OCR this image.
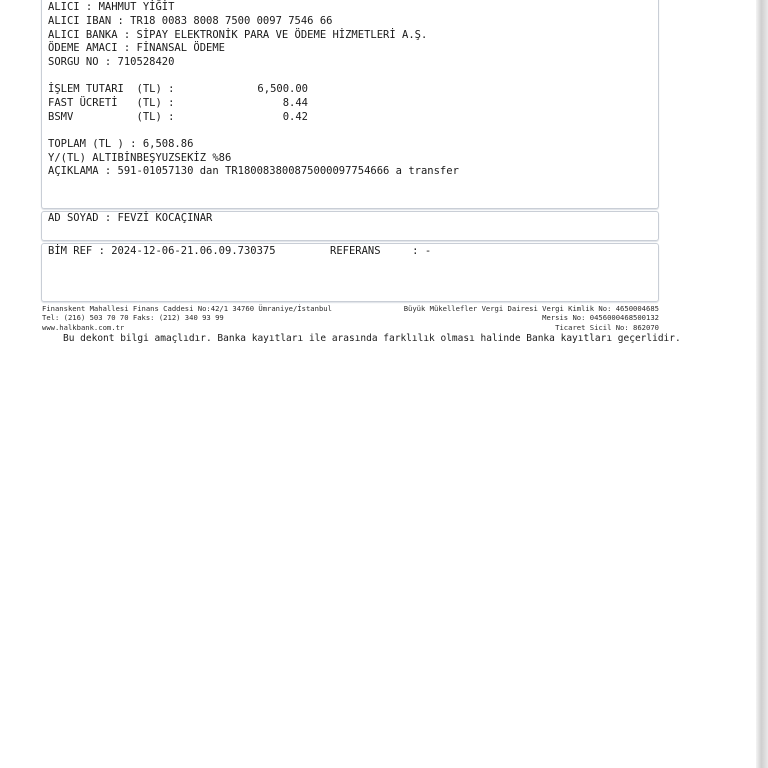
ALICI : MAHMUT YİĞİT
ALICI IBAN : TR18 0083 8008 7500 0097 7546 66
ALICI BANKA : SİPAY ELEKTRONİK PARA VE ÖDEME HİZMETLERİ A.Ş.
ÖDEME AMACI : FİNANSAL ÖDEME
SORGU NO : 710528420
İŞLEM TUTARI  (TL) :	6,500.00
FAST ÜCRETİ   (TL) :	8.44
BSMV          (TL) :	0.42
TOPLAM (TL ) : 6,508.86
Y/(TL) ALTIBİNBEŞYUZSEKİZ %86
AÇIKLAMA : 591-01057130 dan TR180083800875000097754666 a transfer
AD SOYAD : FEVZİ KOCAÇINAR
BİM REF : 2024-12-06-21.06.09.730375	REFERANS     : -
Finanskent Mahallesi Finans Caddesi No:42/1 34760 Ümraniye/İstanbul
Tel: (216) 503 70 70 Faks: (212) 340 93 99
www.halkbank.com.tr
Büyük Mükellefler Vergi Dairesi Vergi Kimlik No: 4650004685
Mersis No: 0456000468500132
Ticaret Sicil No: 862070
Bu dekont bilgi amaçlıdır. Banka kayıtları ile arasında farklılık olması halinde Banka kayıtları geçerlidir.
